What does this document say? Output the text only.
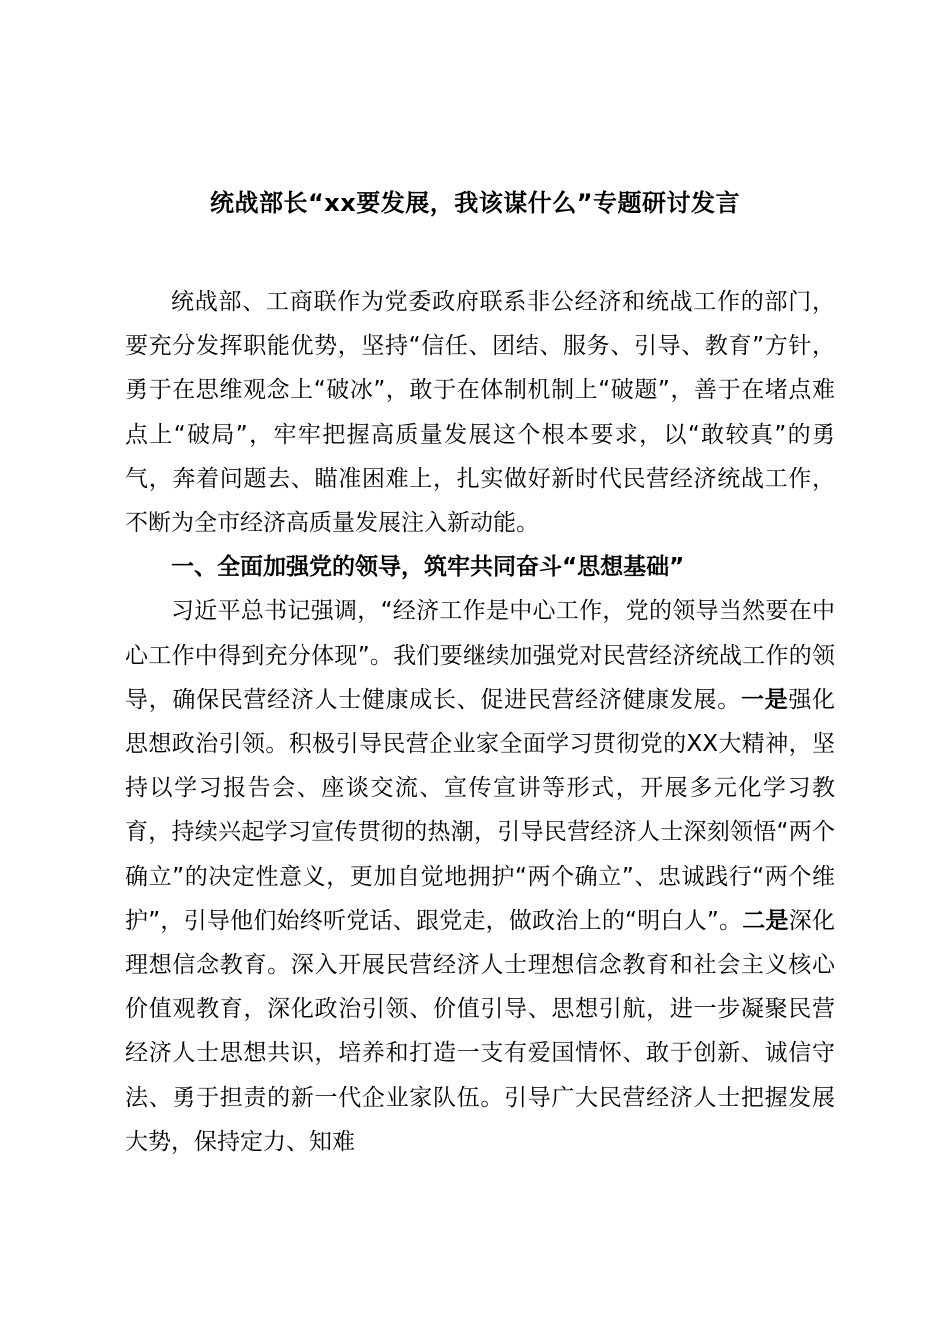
统战部长“xx要发展，我该谋什么”专题研讨发言

统战部、工商联作为党委政府联系非公经济和统战工作的部门，要充分发挥职能优势，坚持“信任、团结、服务、引导、教育”方针，勇于在思维观念上“破冰”，敢于在体制机制上“破题”，善于在堵点难点上“破局”，牢牢把握高质量发展这个根本要求，以“敢较真”的勇气，奔着问题去、瞄准困难上，扎实做好新时代民营经济统战工作，不断为全市经济高质量发展注入新动能。

一、全面加强党的领导，筑牢共同奋斗“思想基础”

习近平总书记强调，“经济工作是中心工作，党的领导当然要在中心工作中得到充分体现”。我们要继续加强党对民营经济统战工作的领导，确保民营经济人士健康成长、促进民营经济健康发展。一是强化思想政治引领。积极引导民营企业家全面学习贯彻党的XX大精神，坚持以学习报告会、座谈交流、宣传宣讲等形式，开展多元化学习教育，持续兴起学习宣传贯彻的热潮，引导民营经济人士深刻领悟“两个确立”的决定性意义，更加自觉地拥护“两个确立”、忠诚践行“两个维护”，引导他们始终听党话、跟党走，做政治上的“明白人”。二是深化理想信念教育。深入开展民营经济人士理想信念教育和社会主义核心价值观教育，深化政治引领、价值引导、思想引航，进一步凝聚民营经济人士思想共识，培养和打造一支有爱国情怀、敢于创新、诚信守法、勇于担责的新一代企业家队伍。引导广大民营经济人士把握发展大势，保持定力、知难
